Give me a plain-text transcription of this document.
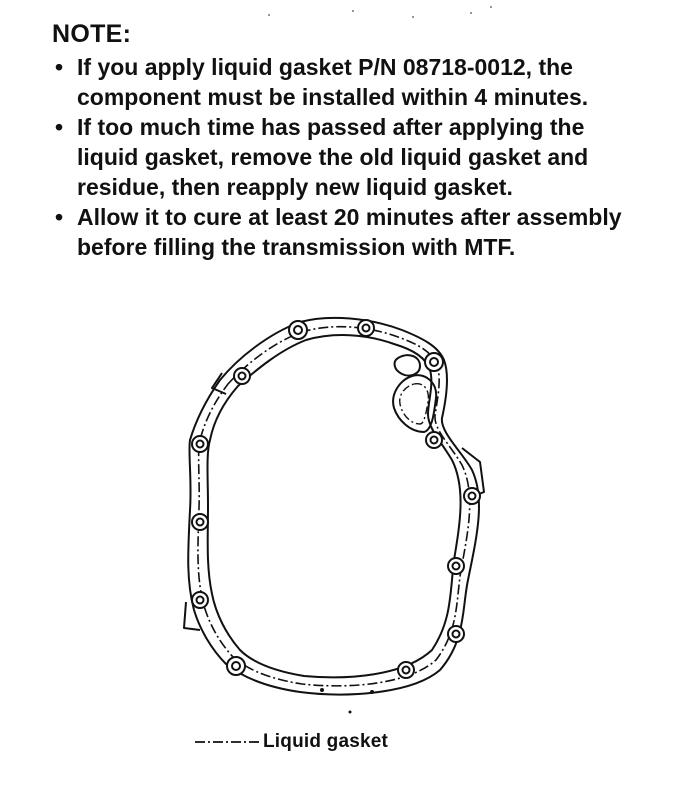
NOTE:
• If you apply liquid gasket P/N 08718-0012, the component must be installed within 4 minutes.
• If too much time has passed after applying the liquid gasket, remove the old liquid gasket and residue, then reapply new liquid gasket.
• Allow it to cure at least 20 minutes after assembly before filling the transmission with MTF.
Liquid gasket
